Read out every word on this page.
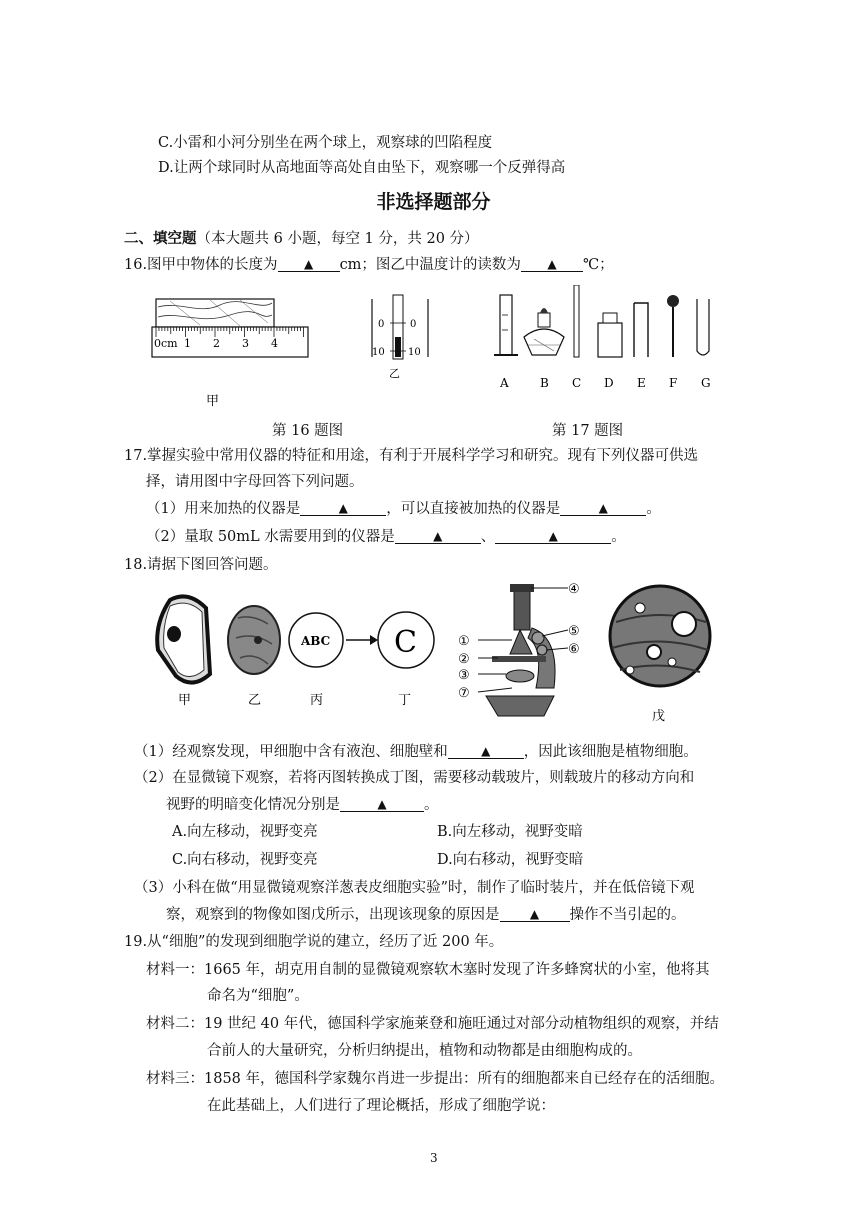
C.小雷和小河分别坐在两个球上，观察球的凹陷程度
D.让两个球同时从高地面等高处自由坠下，观察哪一个反弹得高
非选择题部分
二、填空题（本大题共 6 小题，每空 1 分，共 20 分）
16.图甲中物体的长度为 ▲ cm；图乙中温度计的读数为 ▲ ℃；
0cm 1 2 3 4
甲
0	0
10 10
乙
A	B C D E F G
第 16 题图	第 17 题图
17.掌握实验中常用仪器的特征和用途，有利于开展科学学习和研究。现有下列仪器可供选
择，请用图中字母回答下列问题。
（1）用来加热的仪器是	▲	，可以直接被加热的仪器是	▲	。
（2）量取 50mL 水需要用到的仪器是	▲	、	▲	。
18.请据下图回答问题。
ABC C	①
②
③
④
⑤
⑥
⑦
甲	乙	丙	丁
戊
（1）经观察发现，甲细胞中含有液泡、细胞壁和	▲ ，因此该细胞是植物细胞。
（2）在显微镜下观察，若将丙图转换成丁图，需要移动载玻片，则载玻片的移动方向和
视野的明暗变化情况分别是	▲	。
A.向左移动，视野变亮	B.向左移动，视野变暗
C.向右移动，视野变亮	D.向右移动，视野变暗
（3）小科在做“用显微镜观察洋葱表皮细胞实验”时，制作了临时装片，并在低倍镜下观
察，观察到的物像如图戊所示，出现该现象的原因是	▲ 操作不当引起的。
19.从“细胞”的发现到细胞学说的建立，经历了近 200 年。
材料一：1665 年，胡克用自制的显微镜观察软木塞时发现了许多蜂窝状的小室，他将其
命名为“细胞”。
材料二：19 世纪 40 年代，德国科学家施莱登和施旺通过对部分动植物组织的观察，并结
合前人的大量研究，分析归纳提出，植物和动物都是由细胞构成的。
材料三：1858 年，德国科学家魏尔肖进一步提出：所有的细胞都来自已经存在的活细胞。
在此基础上，人们进行了理论概括，形成了细胞学说：
3
